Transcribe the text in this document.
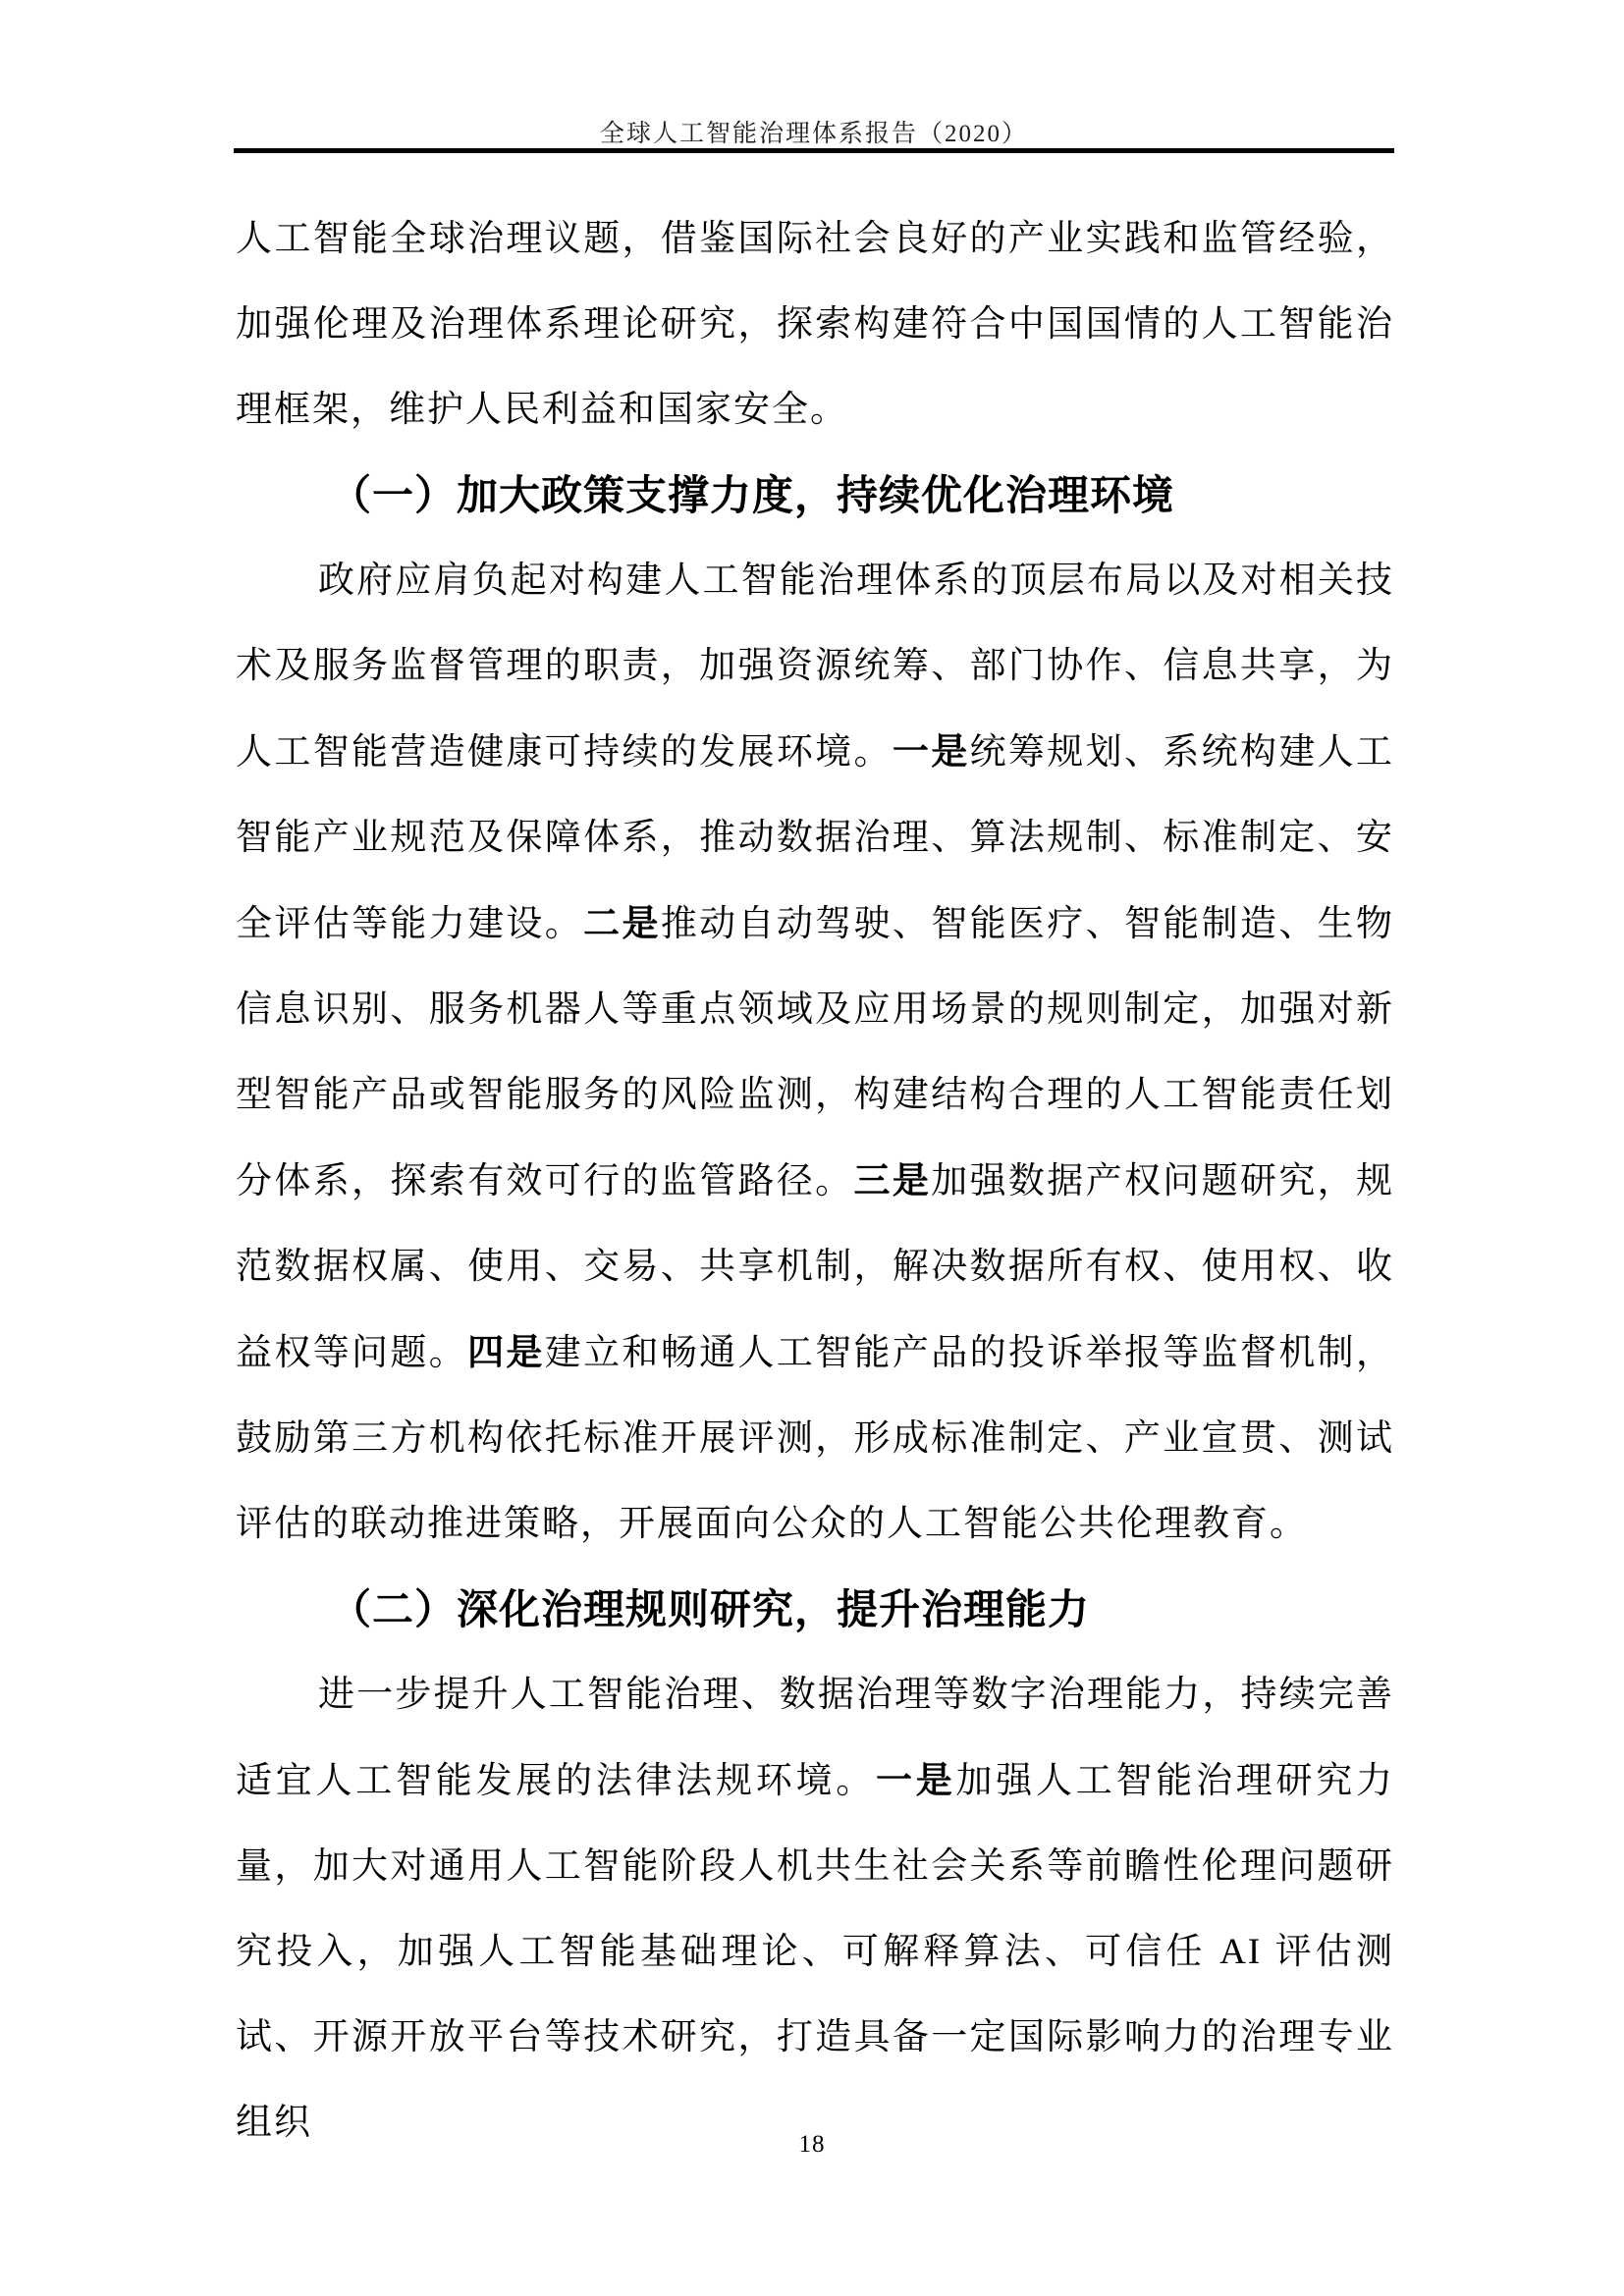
全球人工智能治理体系报告（2020）

人工智能全球治理议题，借鉴国际社会良好的产业实践和监管经验，加强伦理及治理体系理论研究，探索构建符合中国国情的人工智能治理框架，维护人民利益和国家安全。

（一）加大政策支撑力度，持续优化治理环境

政府应肩负起对构建人工智能治理体系的顶层布局以及对相关技术及服务监督管理的职责，加强资源统筹、部门协作、信息共享，为人工智能营造健康可持续的发展环境。一是统筹规划、系统构建人工智能产业规范及保障体系，推动数据治理、算法规制、标准制定、安全评估等能力建设。二是推动自动驾驶、智能医疗、智能制造、生物信息识别、服务机器人等重点领域及应用场景的规则制定，加强对新型智能产品或智能服务的风险监测，构建结构合理的人工智能责任划分体系，探索有效可行的监管路径。三是加强数据产权问题研究，规范数据权属、使用、交易、共享机制，解决数据所有权、使用权、收益权等问题。四是建立和畅通人工智能产品的投诉举报等监督机制，鼓励第三方机构依托标准开展评测，形成标准制定、产业宣贯、测试评估的联动推进策略，开展面向公众的人工智能公共伦理教育。

（二）深化治理规则研究，提升治理能力

进一步提升人工智能治理、数据治理等数字治理能力，持续完善适宜人工智能发展的法律法规环境。一是加强人工智能治理研究力量，加大对通用人工智能阶段人机共生社会关系等前瞻性伦理问题研究投入，加强人工智能基础理论、可解释算法、可信任 AI 评估测试、开源开放平台等技术研究，打造具备一定国际影响力的治理专业组织

18
